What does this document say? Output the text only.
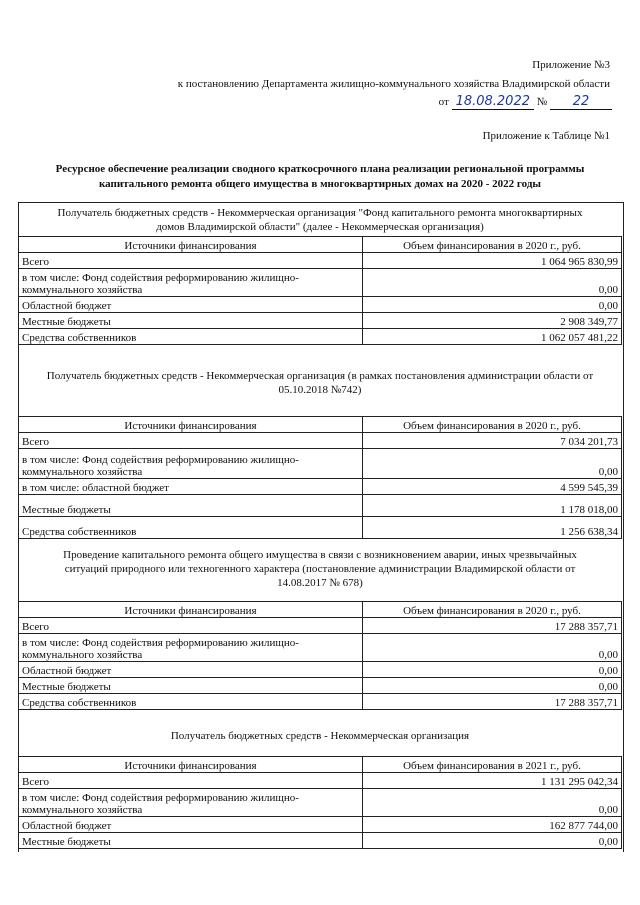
Приложение №3
к постановлению Департамента жилищно-коммунального хозяйства Владимирской области
от 18.08.2022 № 22
Приложение к Таблице №1
Ресурсное обеспечение реализации сводного краткосрочного плана реализации региональной программы
капитального ремонта общего имущества в многоквартирных домах на 2020 - 2022 годы
Получатель бюджетных средств - Некоммерческая организация "Фонд капитального ремонта многоквартирных
домов Владимирской области" (далее - Некоммерческая организация)
Источники финансирования	Объем финансирования в 2020 г., руб.
Всего	1 064 965 830,99

в том числе: Фонд содействия реформированию жилищно-
коммунального хозяйства	0,00
Областной бюджет	0,00
Местные бюджеты	2 908 349,77
Средства собственников	1 062 057 481,22
Получатель бюджетных средств - Некоммерческая организация (в рамках постановления администрации области от
05.10.2018 №742)
Источники финансирования	Объем финансирования в 2020 г., руб.
Всего	7 034 201,73

в том числе: Фонд содействия реформированию жилищно-
коммунального хозяйства	0,00
в том числе: областной бюджет	4 599 545,39
Местные бюджеты	1 178 018,00
Средства собственников	1 256 638,34
Проведение капитального ремонта общего имущества в связи с возникновением аварии, иных чрезвычайных
ситуаций природного или техногенного характера (постановление администрации Владимирской области от
14.08.2017 № 678)
Источники финансирования	Объем финансирования в 2020 г., руб.
Всего	17 288 357,71

в том числе: Фонд содействия реформированию жилищно-
коммунального хозяйства	0,00
Областной бюджет	0,00
Местные бюджеты	0,00
Средства собственников	17 288 357,71
Получатель бюджетных средств - Некоммерческая организация
Источники финансирования	Объем финансирования в 2021 г., руб.
Всего	1 131 295 042,34

в том числе: Фонд содействия реформированию жилищно-
коммунального хозяйства	0,00
Областной бюджет	162 877 744,00
Местные бюджеты	0,00
